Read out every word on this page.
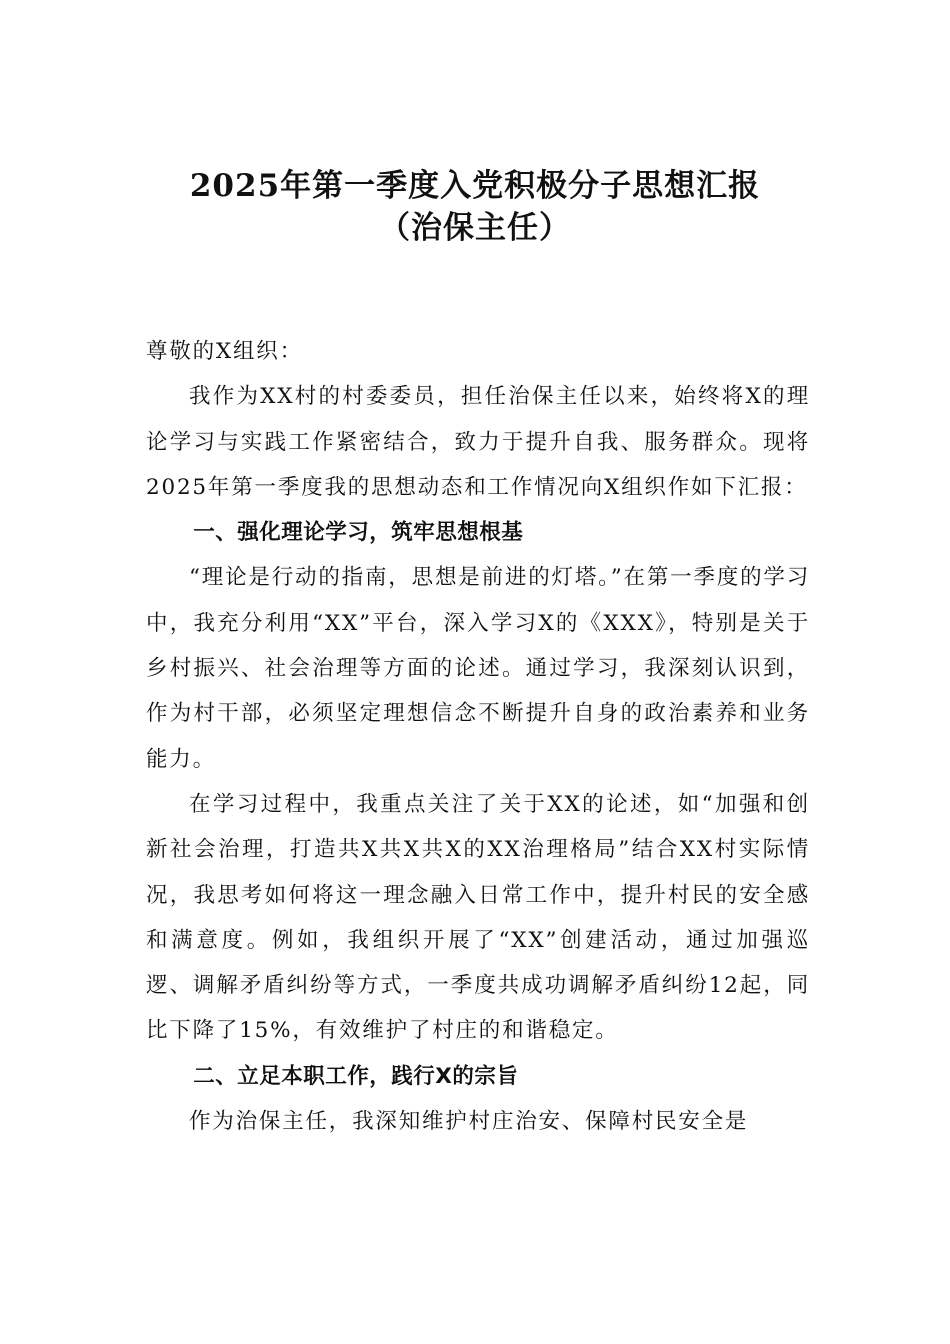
2025年第一季度入党积极分子思想汇报
（治保主任）

尊敬的X组织：

我作为XX村的村委委员，担任治保主任以来，始终将X的理论学习与实践工作紧密结合，致力于提升自我、服务群众。现将2025年第一季度我的思想动态和工作情况向X组织作如下汇报：

一、强化理论学习，筑牢思想根基

“理论是行动的指南，思想是前进的灯塔。”在第一季度的学习中，我充分利用“XX”平台，深入学习X的《XXX》，特别是关于乡村振兴、社会治理等方面的论述。通过学习，我深刻认识到，作为村干部，必须坚定理想信念不断提升自身的政治素养和业务能力。

在学习过程中，我重点关注了关于XX的论述，如“加强和创新社会治理，打造共X共X共X的XX治理格局”结合XX村实际情况，我思考如何将这一理念融入日常工作中，提升村民的安全感和满意度。例如，我组织开展了“XX”创建活动，通过加强巡逻、调解矛盾纠纷等方式，一季度共成功调解矛盾纠纷12起，同比下降了15%，有效维护了村庄的和谐稳定。

二、立足本职工作，践行X的宗旨

作为治保主任，我深知维护村庄治安、保障村民安全是
